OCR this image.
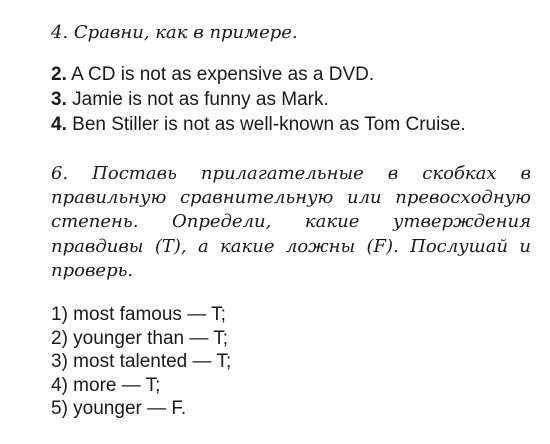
4. Сравни, как в примере.

2. A CD is not as expensive as a DVD.
3. Jamie is not as funny as Mark.
4. Ben Stiller is not as well-known as Tom Cruise.

6. Поставь прилагательные в скобках в правильную сравнительную или превосходную степень. Определи, какие утверждения правдивы (T), а какие ложны (F). Послушай и проверь.

1) most famous — T;
2) younger than — T;
3) most talented — T;
4) more — T;
5) younger — F.
